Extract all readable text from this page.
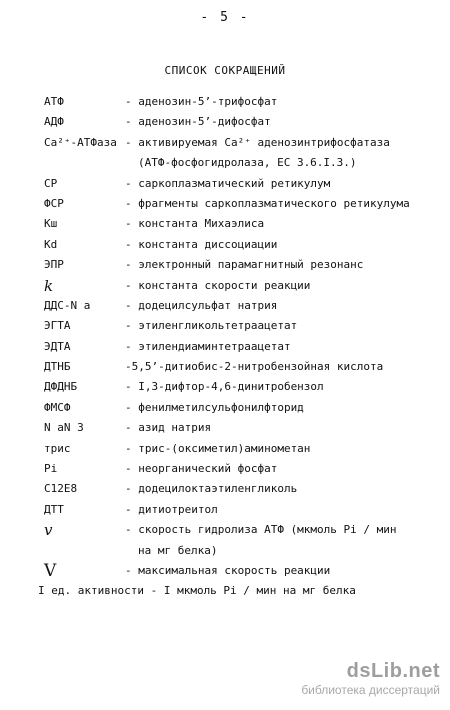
- 5 -
СПИСОК СОКРАЩЕНИЙ
АТФ	- аденозин-5’-трифосфат
АДФ	- аденозин-5’-дифосфат
Ca²⁺-АТФаза - активируемая Ca²⁺ аденозинтрифосфатаза
(АТФ-фосфогидролаза, ЕС 3.6.I.3.)
СР	- саркоплазматический ретикулум
ФСР	- фрагменты саркоплазматического ретикулума
Kш	- константа Михаэлиса
Kd	- константа диссоциации
ЭПР	- электронный парамагнитный резонанс
k	- константа скорости реакции
ДДС-N a	- додецилсульфат натрия
ЭГТА	- этиленгликольтетраацетат
ЭДТА	- этилендиаминтетраацетат
ДТНБ	-5,5’-дитиобис-2-нитробензойная кислота
ДФДНБ	- I,3-дифтор-4,6-динитробензол
ФМСФ	- фенилметилсульфонилфторид
N aN 3	- азид натрия
трис	- трис-(оксиметил)аминометан
Pi	- неорганический фосфат
C12E8	- додецилоктаэтиленгликоль
ДТТ	- дитиотреитол
v	- скорость гидролиза АТФ (мкмоль Pi / мин
на мг белка)
V	- максимальная скорость реакции
I ед. активности - I мкмоль Pi / мин на мг белка
dsLib.net
библиотека диссертаций
